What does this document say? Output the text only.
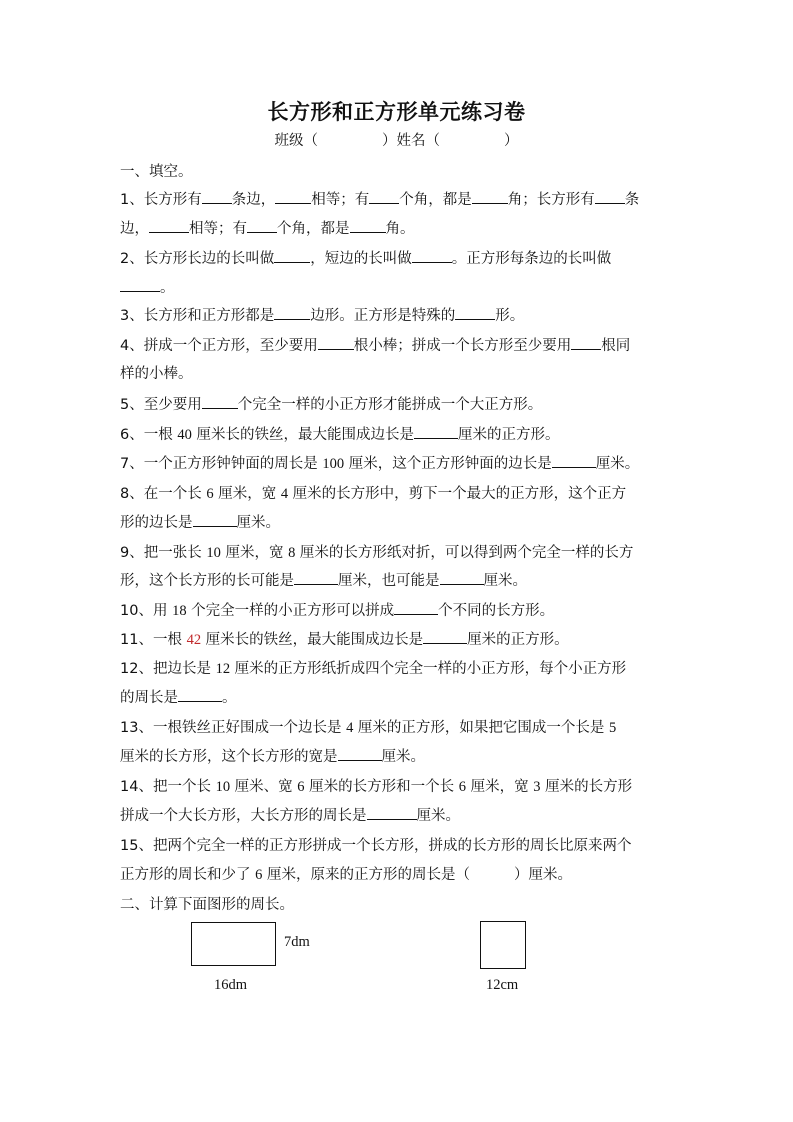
长方形和正方形单元练习卷
班级（	）姓名（	）
一、填空。
1、长方形有 条边， 相等；有 个角，都是 角；长方形有 条
边，	相等；有 个角，都是 角。
2、长方形长边的长叫做 ，短边的长叫做	。正方形每条边的长叫做
。
3、长方形和正方形都是 边形。正方形是特殊的	形。
4、拼成一个正方形，至少要用 根小棒；拼成一个长方形至少要用 根同
样的小棒。
5、至少要用 个完全一样的小正方形才能拼成一个大正方形。
6、一根 40 厘米长的铁丝，最大能围成边长是	厘米的正方形。
7、一个正方形钟钟面的周长是 100 厘米，这个正方形钟面的边长是	厘米。
8、在一个长 6 厘米，宽 4 厘米的长方形中，剪下一个最大的正方形，这个正方
形的边长是	厘米。
9、把一张长 10 厘米，宽 8 厘米的长方形纸对折，可以得到两个完全一样的长方
形，这个长方形的长可能是	厘米，也可能是	厘米。
10、用 18 个完全一样的小正方形可以拼成	个不同的长方形。
11、一根 42 厘米长的铁丝，最大能围成边长是	厘米的正方形。
12、把边长是 12 厘米的正方形纸折成四个完全一样的小正方形，每个小正方形
的周长是	。
13、一根铁丝正好围成一个边长是 4 厘米的正方形，如果把它围成一个长是 5
厘米的长方形，这个长方形的宽是	厘米。
14、把一个长 10 厘米、宽 6 厘米的长方形和一个长 6 厘米，宽 3 厘米的长方形
拼成一个大长方形，大长方形的周长是	厘米。
15、把两个完全一样的正方形拼成一个长方形，拼成的长方形的周长比原来两个
正方形的周长和少了 6 厘米，原来的正方形的周长是（	）厘米。
二、计算下面图形的周长。
7dm
16dm	12cm
